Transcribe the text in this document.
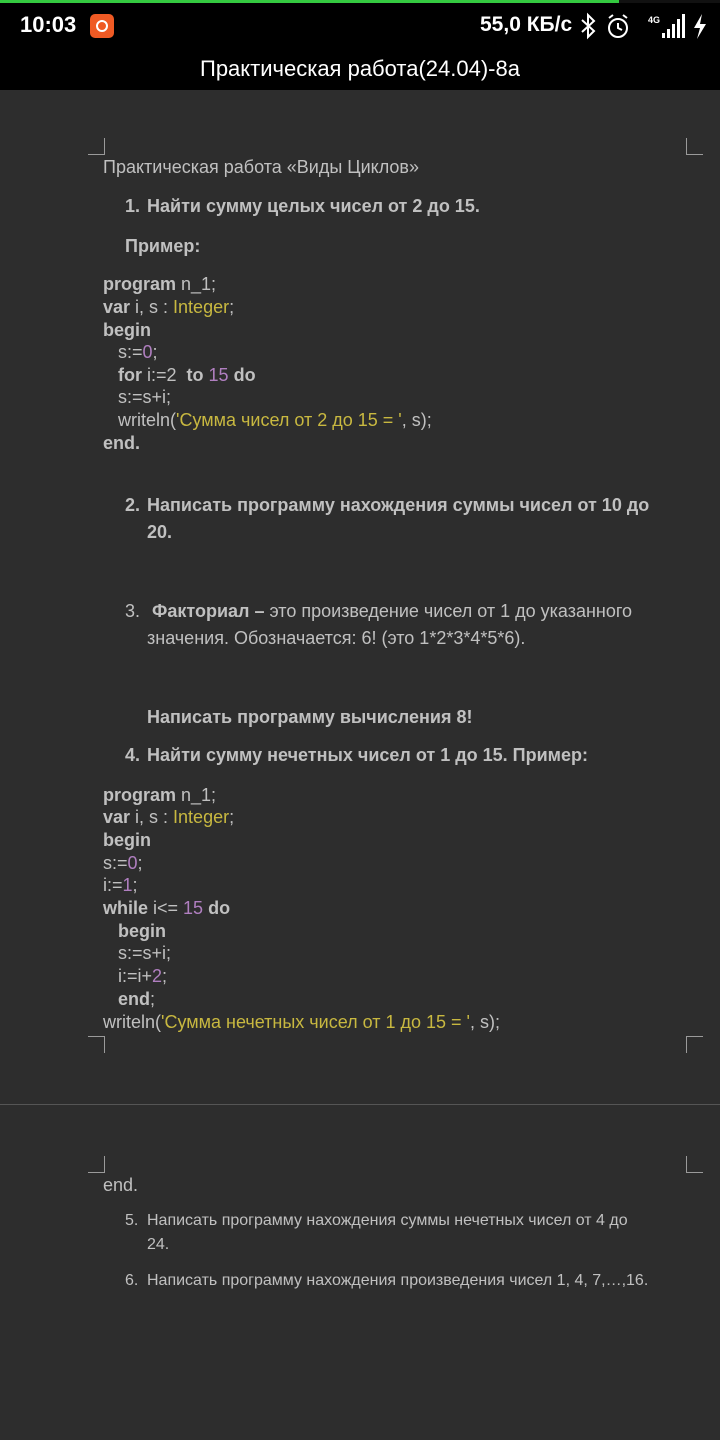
10:03	55,0 КБ/с	4G
Практическая работа(24.04)-8а
Практическая работа «Виды Циклов»
1. Найти сумму целых чисел от 2 до 15.
Пример:
program n_1;
var i, s : Integer;
begin
s:=0;
for i:=2  to 15 do
s:=s+i;
writeln('Сумма чисел от 2 до 15 = ', s);
end.
2. Написать программу нахождения суммы чисел от 10 до
20.
3. Факториал – это произведение чисел от 1 до указанного
значения. Обозначается: 6! (это 1*2*3*4*5*6).
Написать программу вычисления 8!
4. Найти сумму нечетных чисел от 1 до 15. Пример:
program n_1;
var i, s : Integer;
begin
s:=0;
i:=1;
while i<= 15 do
begin
s:=s+i;
i:=i+2;
end;
writeln('Сумма нечетных чисел от 1 до 15 = ', s);
end.
5. Написать программу нахождения суммы нечетных чисел от 4 до
24.
6. Написать программу нахождения произведения чисел 1, 4, 7,…,16.
